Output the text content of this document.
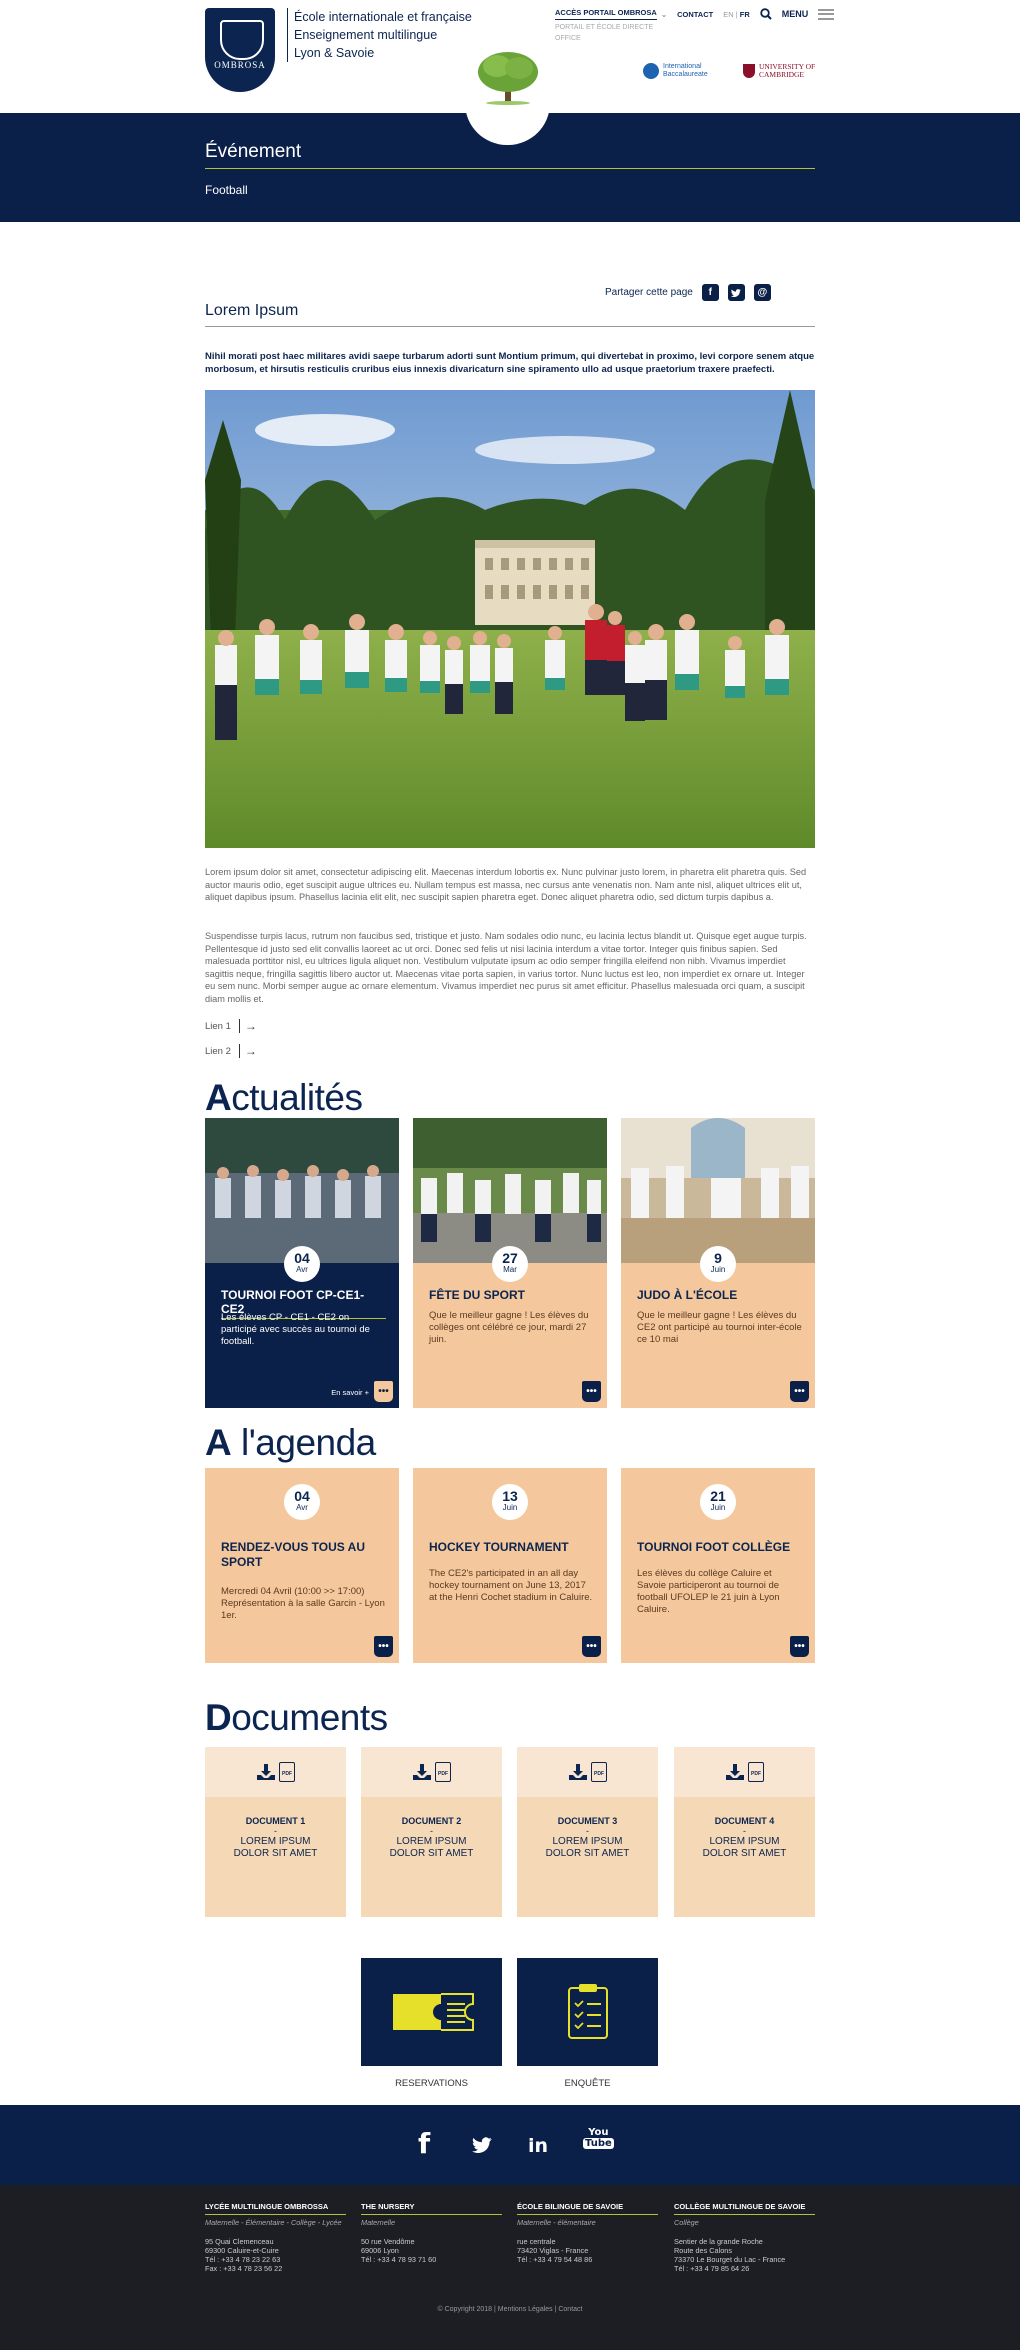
OMBROSA
École internationale et française
Enseignement multilingue
Lyon & Savoie
ACCÈS PORTAIL OMBROSA ⌄ CONTACT EN | FR	MENU
PORTAIL ET ÉCOLE DIRECTE OFFICE
International Baccalaureate
UNIVERSITY OF CAMBRIDGE
Événement
Football
Partager cette page	f	@
Lorem Ipsum
Nihil morati post haec militares avidi saepe turbarum adorti sunt Montium primum, qui divertebat in proximo, levi corpore senem atque morbosum, et hirsutis resticulis cruribus eius innexis divaricaturn sine spiramento ullo ad usque praetorium traxere praefecti.
Lorem ipsum dolor sit amet, consectetur adipiscing elit. Maecenas interdum lobortis ex. Nunc pulvinar justo lorem, in pharetra elit pharetra quis. Sed auctor mauris odio, eget suscipit augue ultrices eu. Nullam tempus est massa, nec cursus ante venenatis non. Nam ante nisl, aliquet ultrices elit ut, aliquet dapibus ipsum. Phasellus lacinia elit elit, nec suscipit sapien pharetra eget. Donec aliquet pharetra odio, sed dictum turpis dapibus a.
Suspendisse turpis lacus, rutrum non faucibus sed, tristique et justo. Nam sodales odio nunc, eu lacinia lectus blandit ut. Quisque eget augue turpis. Pellentesque id justo sed elit convallis laoreet ac ut orci. Donec sed felis ut nisi lacinia interdum a vitae tortor. Integer quis finibus sapien. Sed malesuada porttitor nisl, eu ultrices ligula aliquet non. Vestibulum vulputate ipsum ac odio semper fringilla eleifend non nibh. Vivamus imperdiet sagittis neque, fringilla sagittis libero auctor ut. Maecenas vitae porta sapien, in varius tortor. Nunc luctus est leo, non imperdiet ex ornare ut. Integer eu sem nunc. Morbi semper augue ac ornare elementum. Vivamus imperdiet nec purus sit amet efficitur. Phasellus malesuada orci quam, a suscipit diam mollis et.
Lien 1	→
Lien 2	→
Actualités
04
Avr
TOURNOI FOOT CP-CE1-CE2
Les élèves CP - CE1 - CE2 on participé avec succès au tournoi de football.
En savoir + •••
27
Mar
FÊTE DU SPORT
Que le meilleur gagne ! Les élèves du collèges ont célébré ce jour, mardi 27 juin.
•••
9
Juin
JUDO À L'ÉCOLE
Que le meilleur gagne ! Les élèves du CE2 ont participé au tournoi inter-école ce 10 mai
•••
A l'agenda
04
Avr
RENDEZ-VOUS TOUS AU SPORT
Mercredi 04 Avril (10:00 >> 17:00) Représentation à la salle Garcin - Lyon 1er.
•••
13
Juin
HOCKEY TOURNAMENT
The CE2's participated in an all day hockey tournament on June 13, 2017 at the Henri Cochet stadium in Caluire.
•••
21
Juin
TOURNOI FOOT COLLÈGE
Les élèves du collège Caluire et Savoie participeront au tournoi de football UFOLEP le 21 juin à Lyon Caluire.
•••
Documents
PDF
DOCUMENT 1
-
LOREM IPSUM DOLOR SIT AMET
PDF
DOCUMENT 2
-
LOREM IPSUM DOLOR SIT AMET
PDF
DOCUMENT 3
-
LOREM IPSUM DOLOR SIT AMET
PDF
DOCUMENT 4
-
LOREM IPSUM DOLOR SIT AMET
RESERVATIONS	ENQUÊTE
f	in
You
Tube
LYCÉE MULTILINGUE OMBROSSA
Maternelle - Élémentaire - Collège - Lycée
95 Quai Clemenceau
69300 Caluire-et-Cuire
Tél : +33 4 78 23 22 63
Fax : +33 4 78 23 56 22
THE NURSERY
Maternelle
50 rue Vendôme
69006 Lyon
Tél : +33 4 78 93 71 60
ÉCOLE BILINGUE DE SAVOIE
Maternelle - élémentaire
rue centrale
73420 Viglas - France
Tél : +33 4 79 54 48 86
COLLÈGE MULTILINGUE DE SAVOIE
Collège
Sentier de la grande Roche
Route des Calons
73370 Le Bourget du Lac - France
Tél : +33 4 79 85 64 26
© Copyright 2018 | Mentions Légales | Contact
